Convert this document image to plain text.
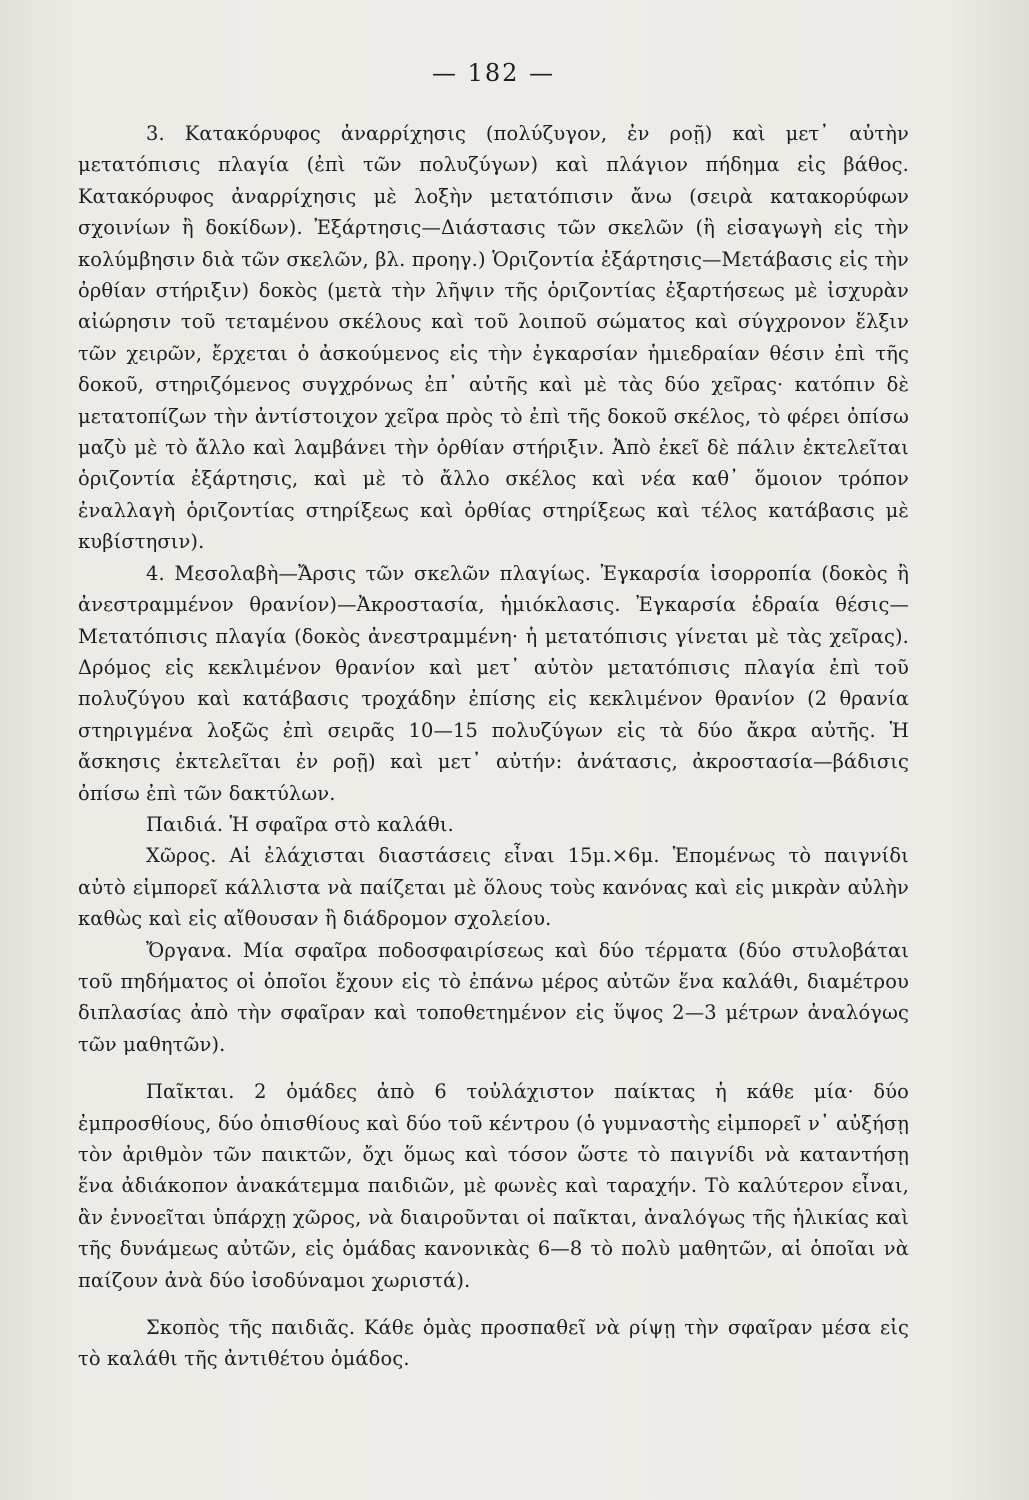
— 182 —

3. Κατακόρυφος ἀναρρίχησις (πολύζυγον, ἐν ροῇ) καὶ μετ᾽ αὐτὴν μετατόπισις πλαγία (ἐπὶ τῶν πολυζύγων) καὶ πλάγιον πήδημα εἰς βάθος. Κατακόρυφος ἀναρρίχησις μὲ λοξὴν μετατόπισιν ἄνω (σειρὰ κατακορύφων σχοινίων ἢ δοκίδων). Ἐξάρτησις—Διάστασις τῶν σκελῶν (ἢ εἰσαγωγὴ εἰς τὴν κολύμβησιν διὰ τῶν σκελῶν, βλ. προηγ.) Ὁριζοντία ἐξάρτησις—Μετάβασις εἰς τὴν ὀρθίαν στήριξιν) δοκὸς (μετὰ τὴν λῆψιν τῆς ὁριζοντίας ἐξαρτήσεως μὲ ἰσχυρὰν αἰώρησιν τοῦ τεταμένου σκέλους καὶ τοῦ λοιποῦ σώματος καὶ σύγχρονον ἕλξιν τῶν χειρῶν, ἔρχεται ὁ ἀσκούμενος εἰς τὴν ἐγκαρσίαν ἡμιεδραίαν θέσιν ἐπὶ τῆς δοκοῦ, στηριζόμενος συγχρόνως ἐπ᾽ αὐτῆς καὶ μὲ τὰς δύο χεῖρας· κατόπιν δὲ μετατοπίζων τὴν ἀντίστοιχον χεῖρα πρὸς τὸ ἐπὶ τῆς δοκοῦ σκέλος, τὸ φέρει ὀπίσω μαζὺ μὲ τὸ ἄλλο καὶ λαμβάνει τὴν ὀρθίαν στήριξιν. Ἀπὸ ἐκεῖ δὲ πάλιν ἐκτελεῖται ὁριζοντία ἐξάρτησις, καὶ μὲ τὸ ἄλλο σκέλος καὶ νέα καθ᾽ ὅμοιον τρόπον ἐναλλαγὴ ὁριζοντίας στηρίξεως καὶ ὀρθίας στηρίξεως καὶ τέλος κατάβασις μὲ κυβίστησιν).

4. Μεσολαβὴ—Ἄρσις τῶν σκελῶν πλαγίως. Ἐγκαρσία ἰσορροπία (δοκὸς ἢ ἀνεστραμμένον θρανίον)—Ἀκροστασία, ἡμιόκλασις. Ἐγκαρσία ἑδραία θέσις—Μετατόπισις πλαγία (δοκὸς ἀνεστραμμένη· ἡ μετατόπισις γίνεται μὲ τὰς χεῖρας). Δρόμος εἰς κεκλιμένον θρανίον καὶ μετ᾽ αὐτὸν μετατόπισις πλαγία ἐπὶ τοῦ πολυζύγου καὶ κατάβασις τροχάδην ἐπίσης εἰς κεκλιμένον θρανίον (2 θρανία στηριγμένα λοξῶς ἐπὶ σειρᾶς 10—15 πολυζύγων εἰς τὰ δύο ἄκρα αὐτῆς. Ἡ ἄσκησις ἐκτελεῖται ἐν ροῇ) καὶ μετ᾽ αὐτήν: ἀνάτασις, ἀκροστασία—βάδισις ὀπίσω ἐπὶ τῶν δακτύλων.

Παιδιά. Ἡ σφαῖρα στὸ καλάθι.

Χῶρος. Αἱ ἐλάχισται διαστάσεις εἶναι 15μ.×6μ. Ἑπομένως τὸ παιγνίδι αὐτὸ εἰμπορεῖ κάλλιστα νὰ παίζεται μὲ ὅλους τοὺς κανόνας καὶ εἰς μικρὰν αὐλὴν καθὼς καὶ εἰς αἴθουσαν ἢ διάδρομον σχολείου.

Ὄργανα. Μία σφαῖρα ποδοσφαιρίσεως καὶ δύο τέρματα (δύο στυλοβάται τοῦ πηδήματος οἱ ὁποῖοι ἔχουν εἰς τὸ ἐπάνω μέρος αὐτῶν ἕνα καλάθι, διαμέτρου διπλασίας ἀπὸ τὴν σφαῖραν καὶ τοποθετημένον εἰς ὕψος 2—3 μέτρων ἀναλόγως τῶν μαθητῶν).

Παῖκται. 2 ὁμάδες ἀπὸ 6 τοὐλάχιστον παίκτας ἡ κάθε μία· δύο ἐμπροσθίους, δύο ὀπισθίους καὶ δύο τοῦ κέντρου (ὁ γυμναστὴς εἰμπορεῖ ν᾽ αὐξήσῃ τὸν ἀριθμὸν τῶν παικτῶν, ὄχι ὅμως καὶ τόσον ὥστε τὸ παιγνίδι νὰ καταντήσῃ ἕνα ἀδιάκοπον ἀνακάτεμμα παιδιῶν, μὲ φωνὲς καὶ ταραχήν. Τὸ καλύτερον εἶναι, ἂν ἐννοεῖται ὑπάρχῃ χῶρος, νὰ διαιροῦνται οἱ παῖκται, ἀναλόγως τῆς ἡλικίας καὶ τῆς δυνάμεως αὐτῶν, εἰς ὁμάδας κανονικὰς 6—8 τὸ πολὺ μαθητῶν, αἱ ὁποῖαι νὰ παίζουν ἀνὰ δύο ἰσοδύναμοι χωριστά).

Σκοπὸς τῆς παιδιᾶς. Κάθε ὁμὰς προσπαθεῖ νὰ ρίψῃ τὴν σφαῖραν μέσα εἰς τὸ καλάθι τῆς ἀντιθέτου ὁμάδος.
